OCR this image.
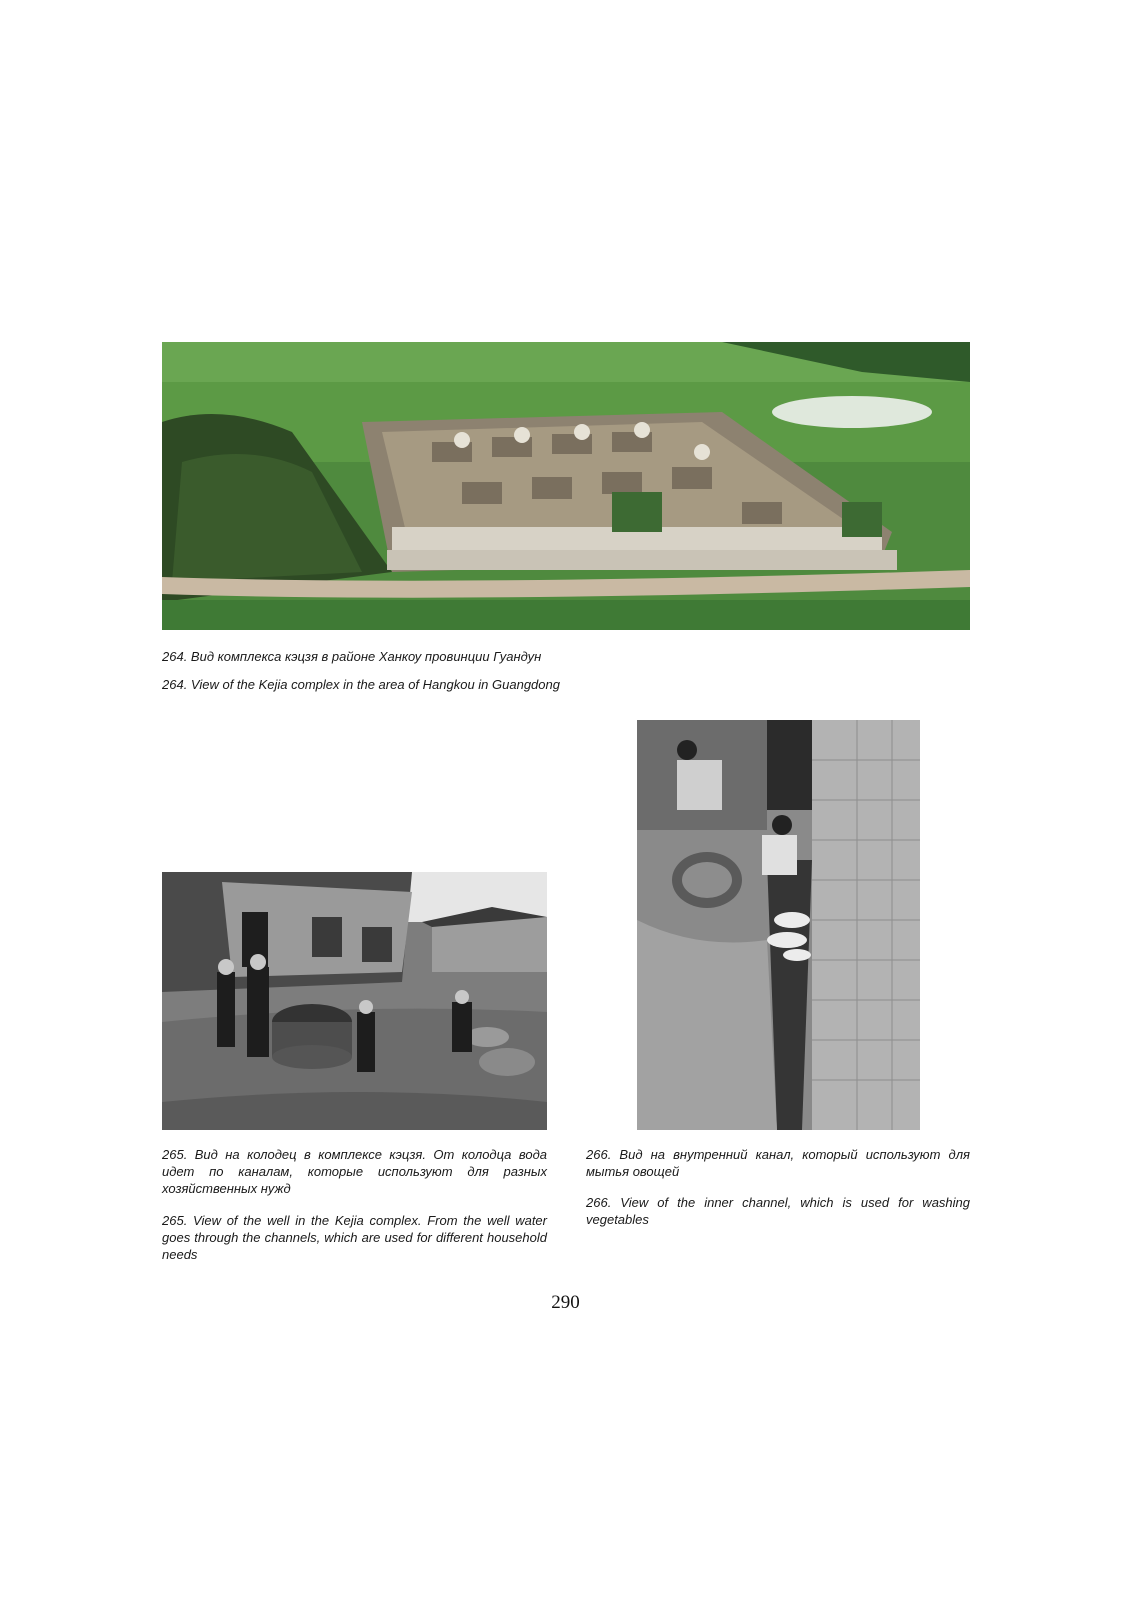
264. Вид комплекса кэцзя в районе Ханкоу провинции Гуандун

264. View of the Kejia complex in the area of Hangkou in Guangdong

265. Вид на колодец в комплексе кэцзя. От колодца вода идет по каналам, которые используют для разных хозяйственных нужд

265. View of the well in the Kejia complex. From the well water goes through the channels, which are used for different household needs

266. Вид на внутренний канал, который используют для мытья овощей

266. View of the inner channel, which is used for washing vegetables

290
